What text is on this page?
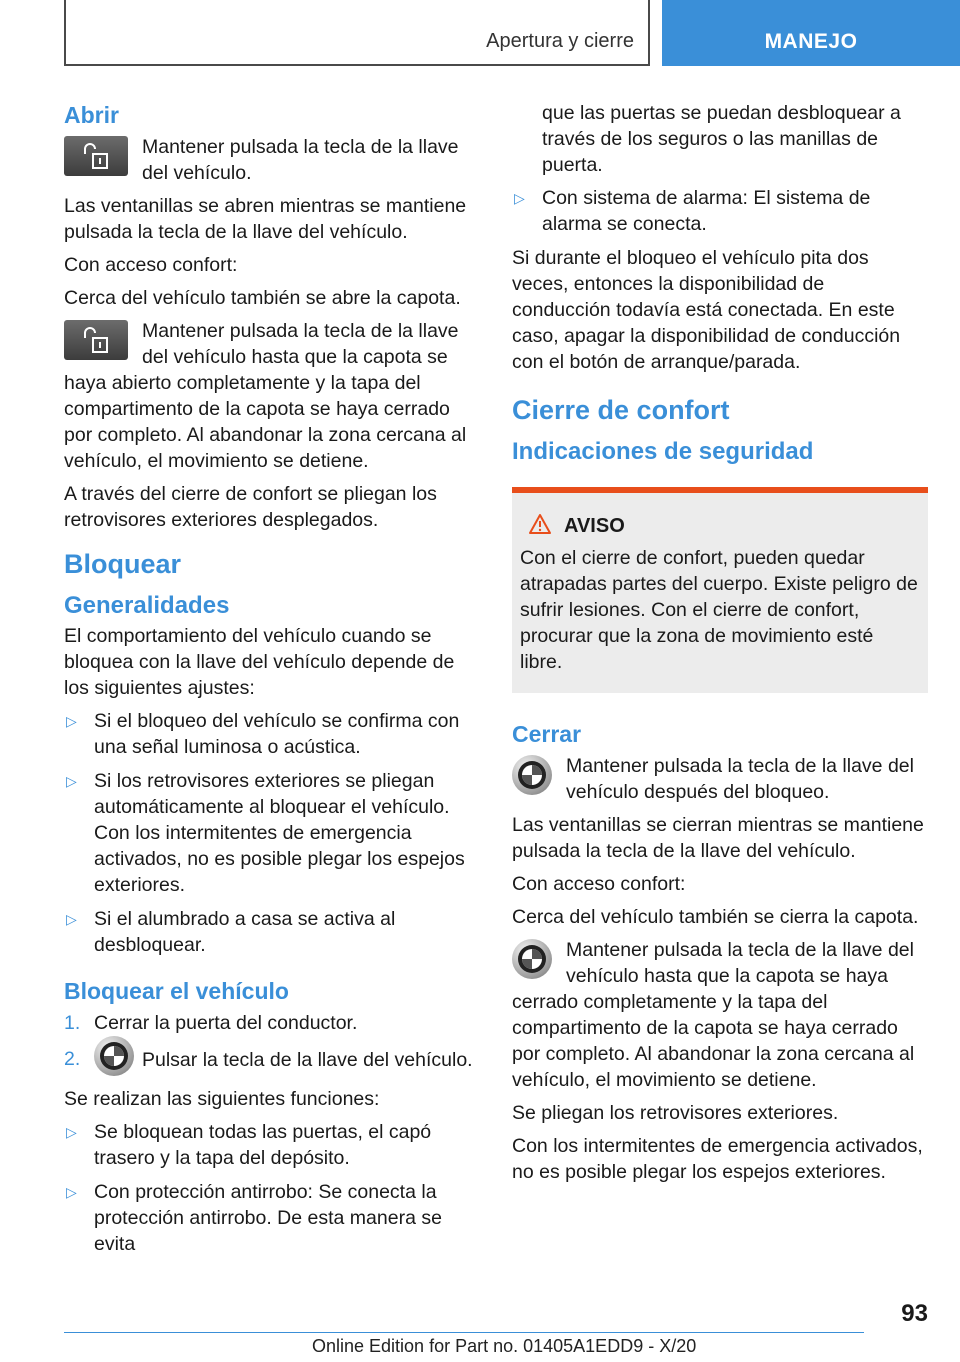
Apertura y cierre	MANEJO
Abrir
Mantener pulsada la tecla de la llave del vehículo.

Las ventanillas se abren mientras se mantiene pulsada la tecla de la llave del vehículo.

Con acceso confort:

Cerca del vehículo también se abre la capota.

Mantener pulsada la tecla de la llave del vehículo hasta que la capota se haya abierto completamente y la tapa del compartimento de la capota se haya cerrado por completo. Al abandonar la zona cercana al vehículo, el movimiento se detiene.

A través del cierre de confort se pliegan los retrovisores exteriores desplegados.

Bloquear
Generalidades

El comportamiento del vehículo cuando se bloquea con la llave del vehículo depende de los siguientes ajustes:

▷ Si el bloqueo del vehículo se confirma con una señal luminosa o acústica.
▷ Si los retrovisores exteriores se pliegan automáticamente al bloquear el vehículo. Con los intermitentes de emergencia activados, no es posible plegar los espejos exteriores.
▷ Si el alumbrado a casa se activa al desbloquear.
Bloquear el vehículo
1. Cerrar la puerta del conductor.
2.	Pulsar la tecla de la llave del vehículo.

Se realizan las siguientes funciones:

▷ Se bloquean todas las puertas, el capó trasero y la tapa del depósito.
▷ Con protección antirrobo: Se conecta la protección antirrobo. De esta manera se evita

que las puertas se puedan desbloquear a través de los seguros o las manillas de puerta.

▷ Con sistema de alarma: El sistema de alarma se conecta.

Si durante el bloqueo el vehículo pita dos veces, entonces la disponibilidad de conducción todavía está conectada. En este caso, apagar la disponibilidad de conducción con el botón de arranque/parada.

Cierre de confort
Indicaciones de seguridad
AVISO

Con el cierre de confort, pueden quedar atrapadas partes del cuerpo. Existe peligro de sufrir lesiones. Con el cierre de confort, procurar que la zona de movimiento esté libre.

Cerrar
Mantener pulsada la tecla de la llave del vehículo después del bloqueo.

Las ventanillas se cierran mientras se mantiene pulsada la tecla de la llave del vehículo.

Con acceso confort:

Cerca del vehículo también se cierra la capota.

Mantener pulsada la tecla de la llave del vehículo hasta que la capota se haya cerrado completamente y la tapa del compartimento de la capota se haya cerrado por completo. Al abandonar la zona cercana al vehículo, el movimiento se detiene.

Se pliegan los retrovisores exteriores.

Con los intermitentes de emergencia activados, no es posible plegar los espejos exteriores.

93
Online Edition for Part no. 01405A1EDD9 - X/20
